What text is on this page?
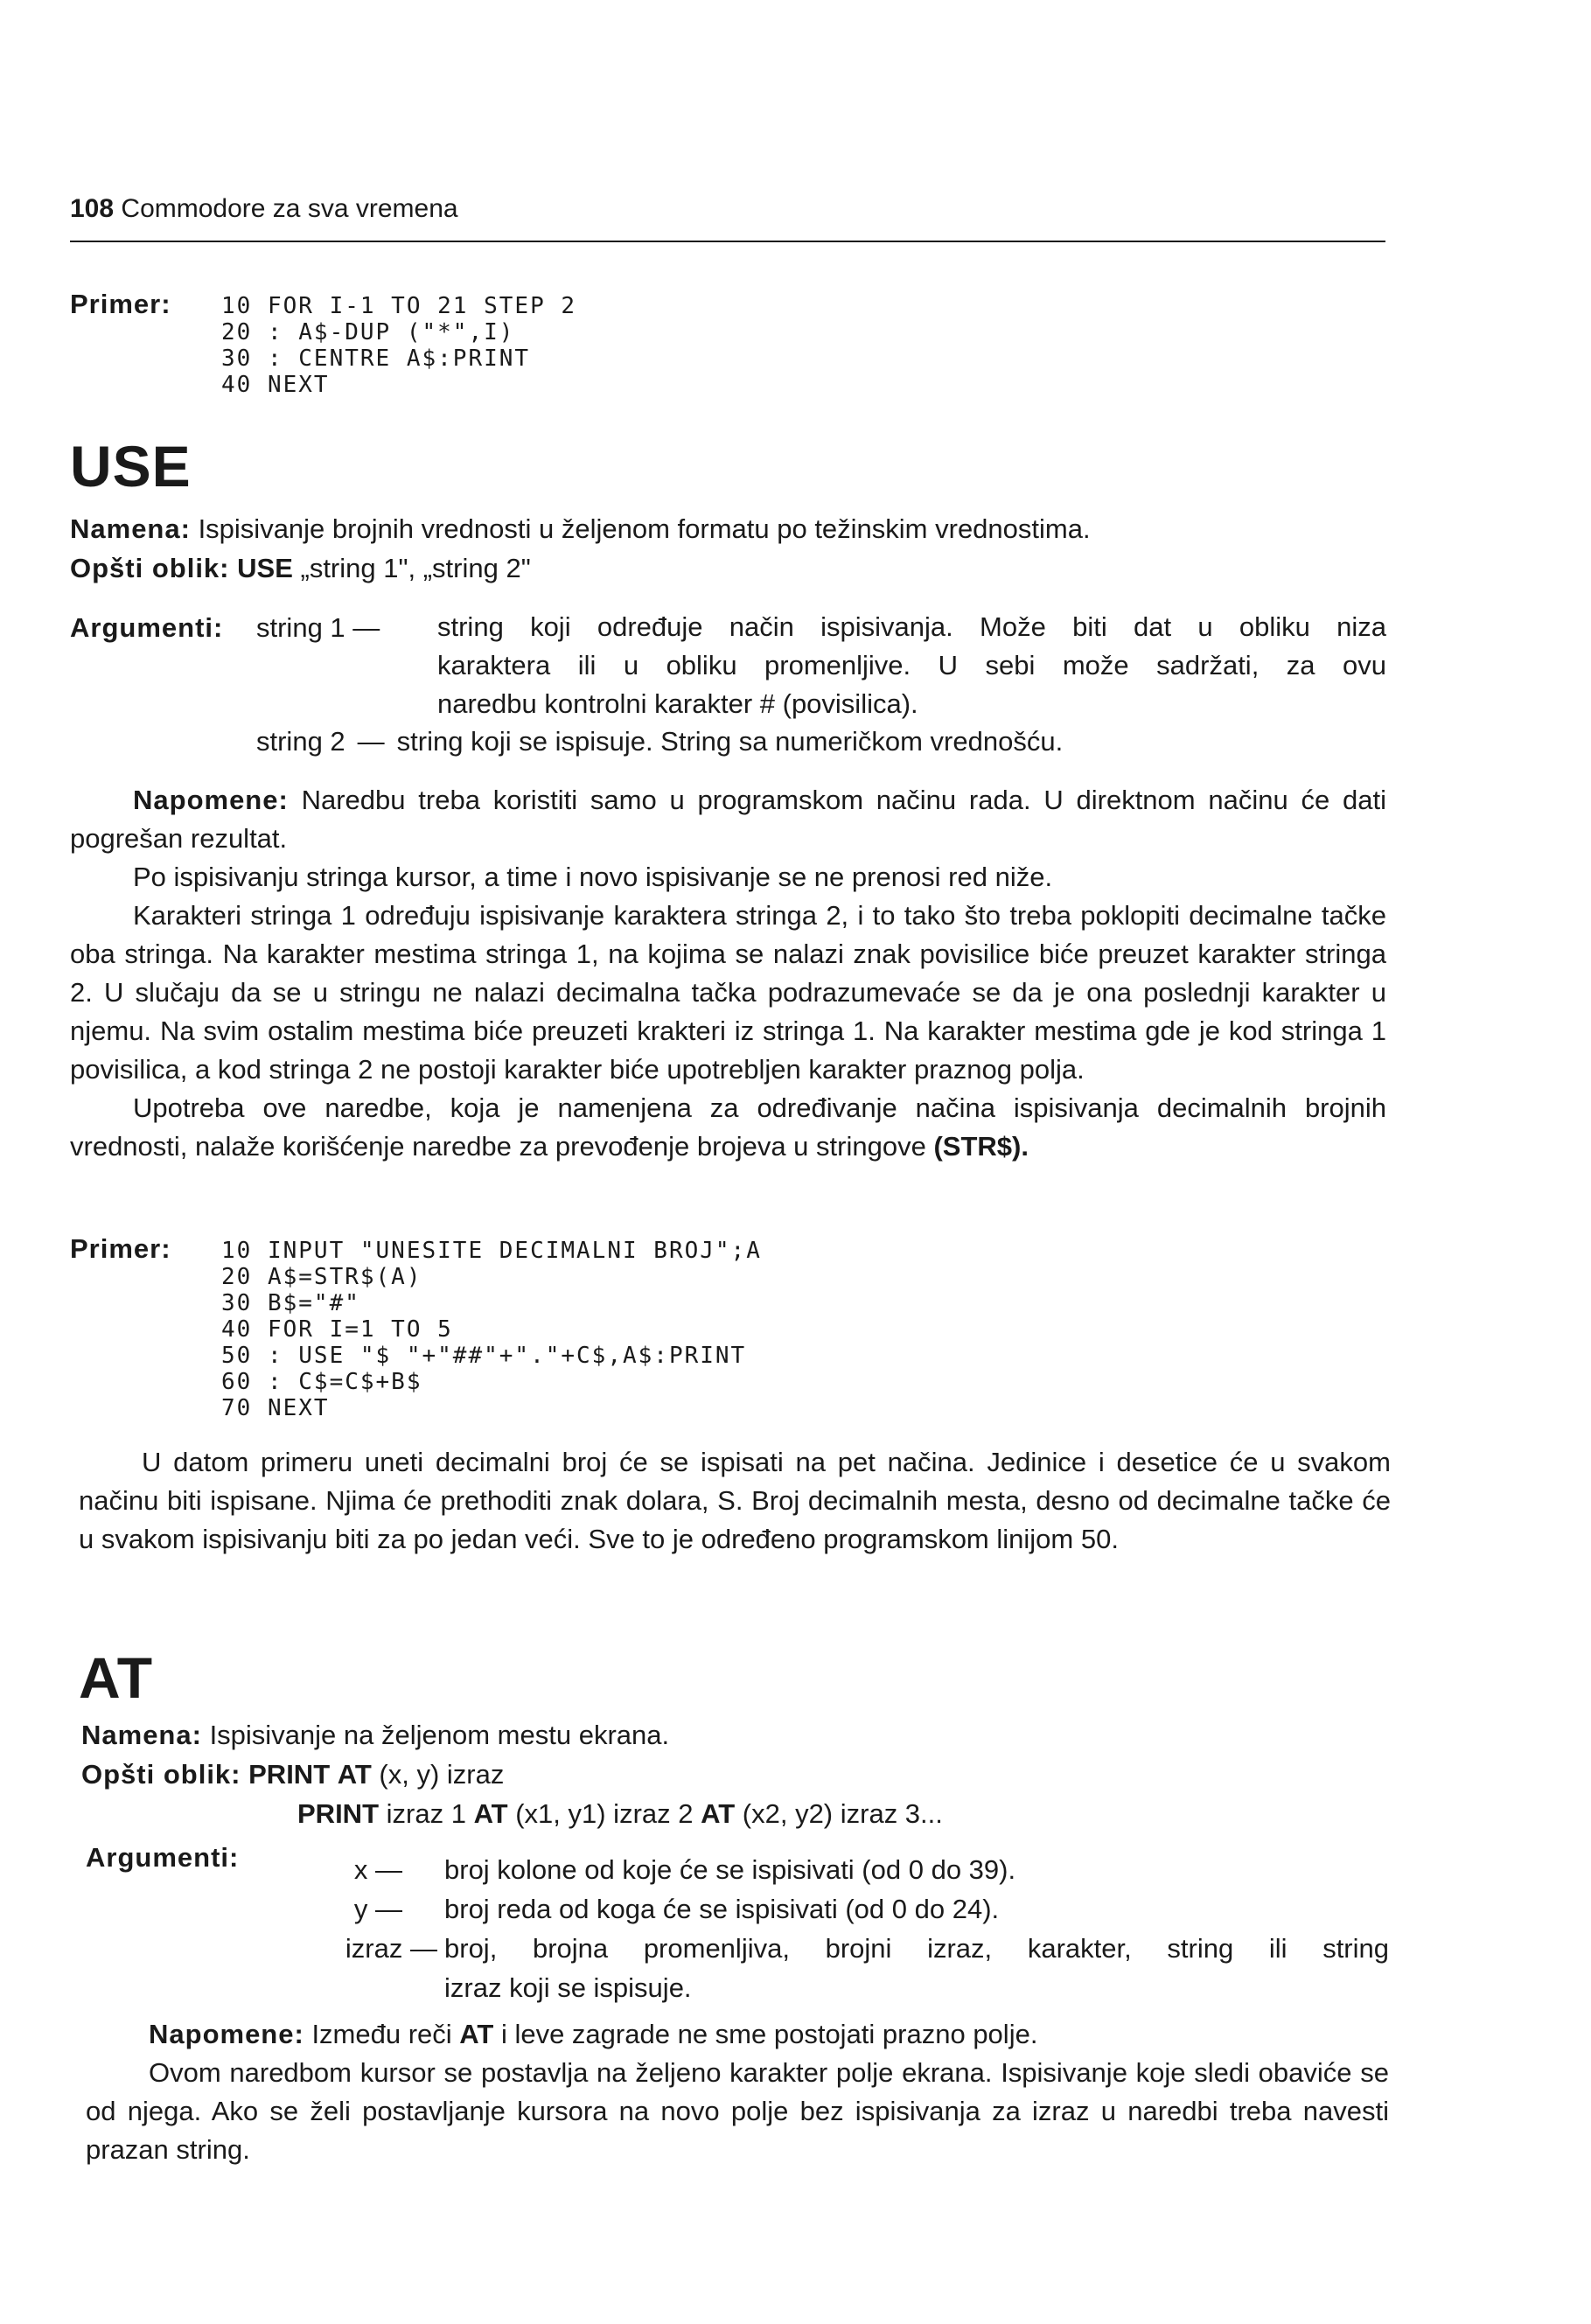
108 Commodore za sva vremena
Primer: 10 FOR I-1 TO 21 STEP 2
20 : A$-DUP ("*",I)
30 : CENTRE A$:PRINT
40 NEXT
USE
Namena: Ispisivanje brojnih vrednosti u željenom formatu po težinskim vrednostima.
Opšti oblik: USE „string 1", „string 2"
Argumenti: string 1 — string koji određuje način ispisivanja. Može biti dat u obliku niza
karaktera ili u obliku promenljive. U sebi može sadržati, za ovu
naredbu kontrolni karakter # (povisilica).
string 2 — string koji se ispisuje. String sa numeričkom vrednošću.
Napomene: Naredbu treba koristiti samo u programskom načinu rada. U direktnom načinu će dati pogrešan rezultat.
Po ispisivanju stringa kursor, a time i novo ispisivanje se ne prenosi red niže.
Karakteri stringa 1 određuju ispisivanje karaktera stringa 2, i to tako što treba poklopiti decimalne tačke oba stringa. Na karakter mestima stringa 1, na kojima se nalazi znak povisilice biće preuzet karakter stringa 2. U slučaju da se u stringu ne nalazi decimalna tačka podrazumevaće se da je ona poslednji karakter u njemu. Na svim ostalim mestima biće preuzeti krakteri iz stringa 1. Na karakter mestima gde je kod stringa 1 povisilica, a kod stringa 2 ne postoji karakter biće upotrebljen karakter praznog polja.
Upotreba ove naredbe, koja je namenjena za određivanje načina ispisivanja decimalnih brojnih vrednosti, nalaže korišćenje naredbe za prevođenje brojeva u stringove (STR$).
Primer: 10 INPUT "UNESITE DECIMALNI BROJ";A
20 A$=STR$(A)
30 B$="#"
40 FOR I=1 TO 5
50 : USE "$ "+"##"+"."+C$,A$:PRINT
60 : C$=C$+B$
70 NEXT
U datom primeru uneti decimalni broj će se ispisati na pet načina. Jedinice i desetice će u svakom načinu biti ispisane. Njima će prethoditi znak dolara, S. Broj decimalnih mesta, desno od decimalne tačke će u svakom ispisivanju biti za po jedan veći. Sve to je određeno programskom linijom 50.
AT
Namena: Ispisivanje na željenom mestu ekrana.
Opšti oblik: PRINT AT (x, y) izraz
PRINT izraz 1 AT (x1, y1) izraz 2 AT (x2, y2) izraz 3...
Argumenti:	x — broj kolone od koje će se ispisivati (od 0 do 39).
y — broj reda od koga će se ispisivati (od 0 do 24).
izraz — broj, brojna promenljiva, brojni izraz, karakter, string ili string
izraz koji se ispisuje.
Napomene: Između reči AT i leve zagrade ne sme postojati prazno polje.
Ovom naredbom kursor se postavlja na željeno karakter polje ekrana. Ispisivanje koje sledi obaviće se od njega. Ako se želi postavljanje kursora na novo polje bez ispisivanja za izraz u naredbi treba navesti prazan string.
